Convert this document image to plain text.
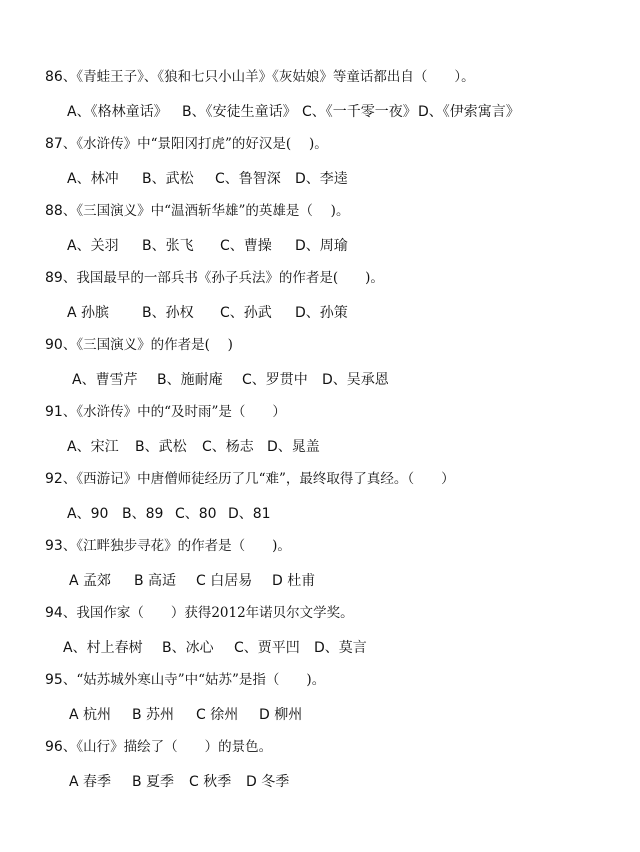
86、《青蛙王子》、《狼和七只小山羊》《灰姑娘》等童话都出自（　　）。
A、《格林童话》 B、《安徒生童话》 C、《一千零一夜》 D、《伊索寓言》
87、《水浒传》中“景阳冈打虎”的好汉是(　 )。
A、林冲 B、武松 C、鲁智深 D、李逵
88、《三国演义》中“温酒斩华雄”的英雄是（　 )。
A、关羽 B、张飞 C、曹操 D、周瑜
89、我国最早的一部兵书《孙子兵法》的作者是(　　)。
A 孙膑 B、孙权 C、孙武 D、孙策
90、《三国演义》的作者是(　 )
A、曹雪芹 B、施耐庵 C、罗贯中 D、吴承恩
91、《水浒传》中的“及时雨”是（　　）
A、宋江 B、武松 C、杨志 D、晁盖
92、《西游记》中唐僧师徒经历了几“难”，最终取得了真经。（　　）
A、90 B、89 C、80 D、81
93、《江畔独步寻花》的作者是（　　)。
A 孟郊 B 高适 C 白居易 D 杜甫
94、我国作家（　　）获得2012年诺贝尔文学奖。
A、村上春树 B、冰心 C、贾平凹 D、莫言
95、“姑苏城外寒山寺”中“姑苏”是指（　　)。
A 杭州 B 苏州 C 徐州 D 柳州
96、《山行》描绘了（　　）的景色。
A 春季 B 夏季 C 秋季 D 冬季
